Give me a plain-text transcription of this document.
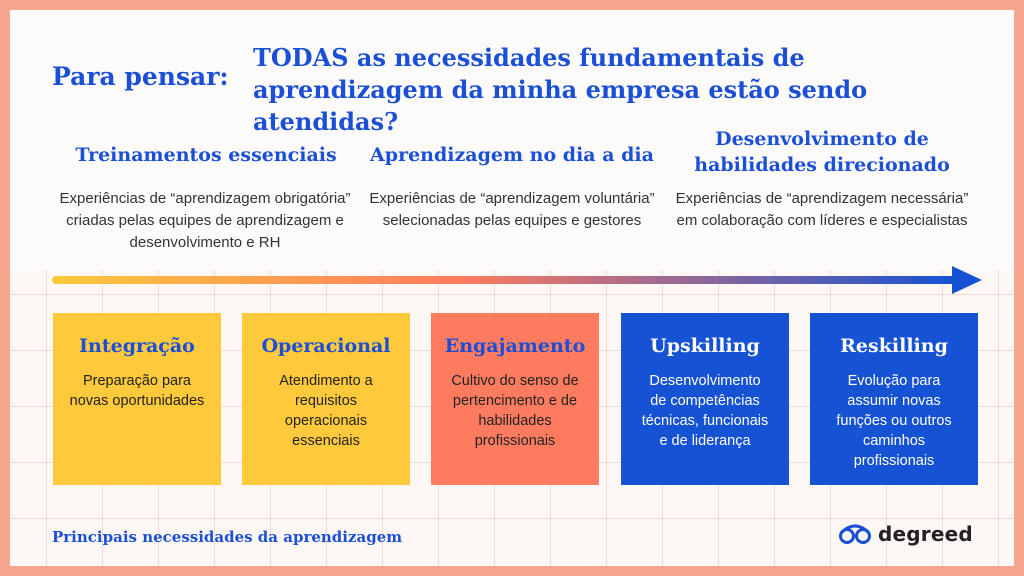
Para pensar:
TODAS as necessidades fundamentais de aprendizagem da minha empresa estão sendo atendidas?
Treinamentos essenciais
Experiências de “aprendizagem obrigatória” criadas pelas equipes de aprendizagem e desenvolvimento e RH
Aprendizagem no dia a dia
Experiências de “aprendizagem voluntária” selecionadas pelas equipes e gestores
Desenvolvimento de habilidades direcionado
Experiências de “aprendizagem necessária” em colaboração com líderes e especialistas
Integração
Preparação para novas oportunidades
Operacional
Atendimento a requisitos operacionais essenciais
Engajamento
Cultivo do senso de pertencimento e de habilidades profissionais
Upskilling
Desenvolvimento de competências técnicas, funcionais e de liderança
Reskilling
Evolução para assumir novas funções ou outros caminhos profissionais
Principais necessidades da aprendizagem	degreed
